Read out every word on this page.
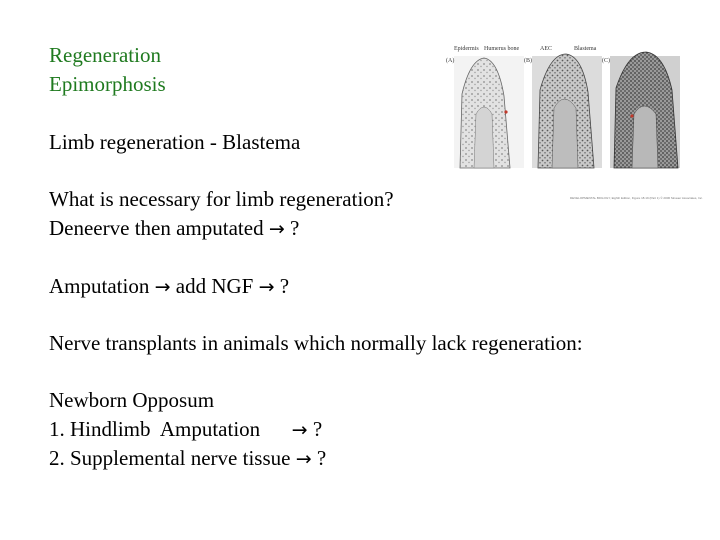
Regeneration
Epimorphosis
Limb regeneration - Blastema
What is necessary for limb regeneration?
Deneerve then amputated → ?
Amputation → add NGF → ?
Nerve transplants in animals which normally lack regeneration:
Newborn Opposum
1. Hindlimb  Amputation      → ?
2. Supplemental nerve tissue → ?
Epidermis Humerus bone	AEC	Blastema
(A)	(B)	(C)
DEVELOPMENTAL BIOLOGY, Eighth Edition, Figure 18.19 (Part 1) © 2006 Sinauer Associates, Inc.
